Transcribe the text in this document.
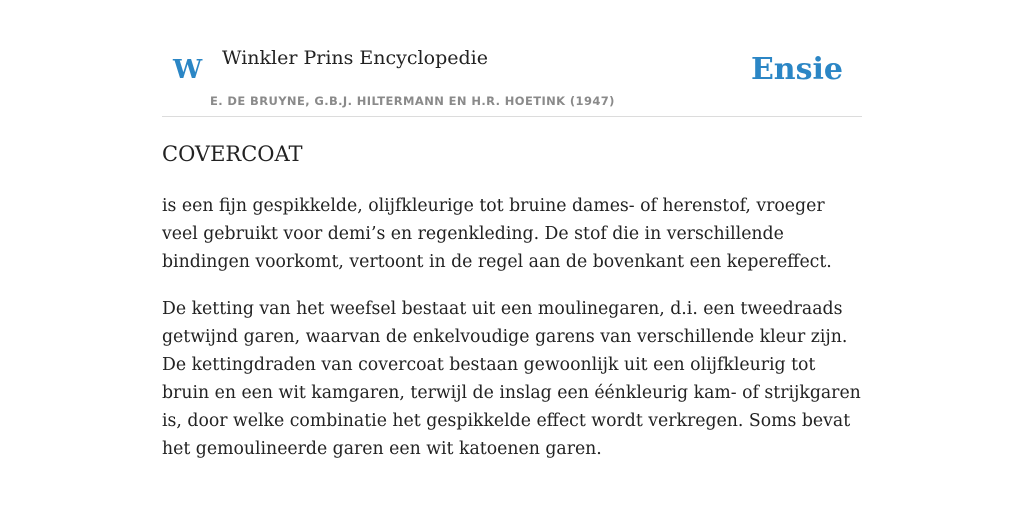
W Winkler Prins Encyclopedie
E. DE BRUYNE, G.B.J. HILTERMANN EN H.R. HOETINK (1947)
Ensie
COVERCOAT

is een fijn gespikkelde, olijfkleurige tot bruine dames- of herenstof, vroeger veel gebruikt voor demi’s en regenkleding. De stof die in verschillende bindingen voorkomt, vertoont in de regel aan de bovenkant een kepereffect.

De ketting van het weefsel bestaat uit een moulinegaren, d.i. een tweedraads getwijnd garen, waarvan de enkelvoudige garens van verschillende kleur zijn. De kettingdraden van covercoat bestaan gewoonlijk uit een olijfkleurig tot bruin en een wit kamgaren, terwijl de inslag een éénkleurig kam- of strijkgaren is, door welke combinatie het gespikkelde effect wordt verkregen. Soms bevat het gemoulineerde garen een wit katoenen garen.
